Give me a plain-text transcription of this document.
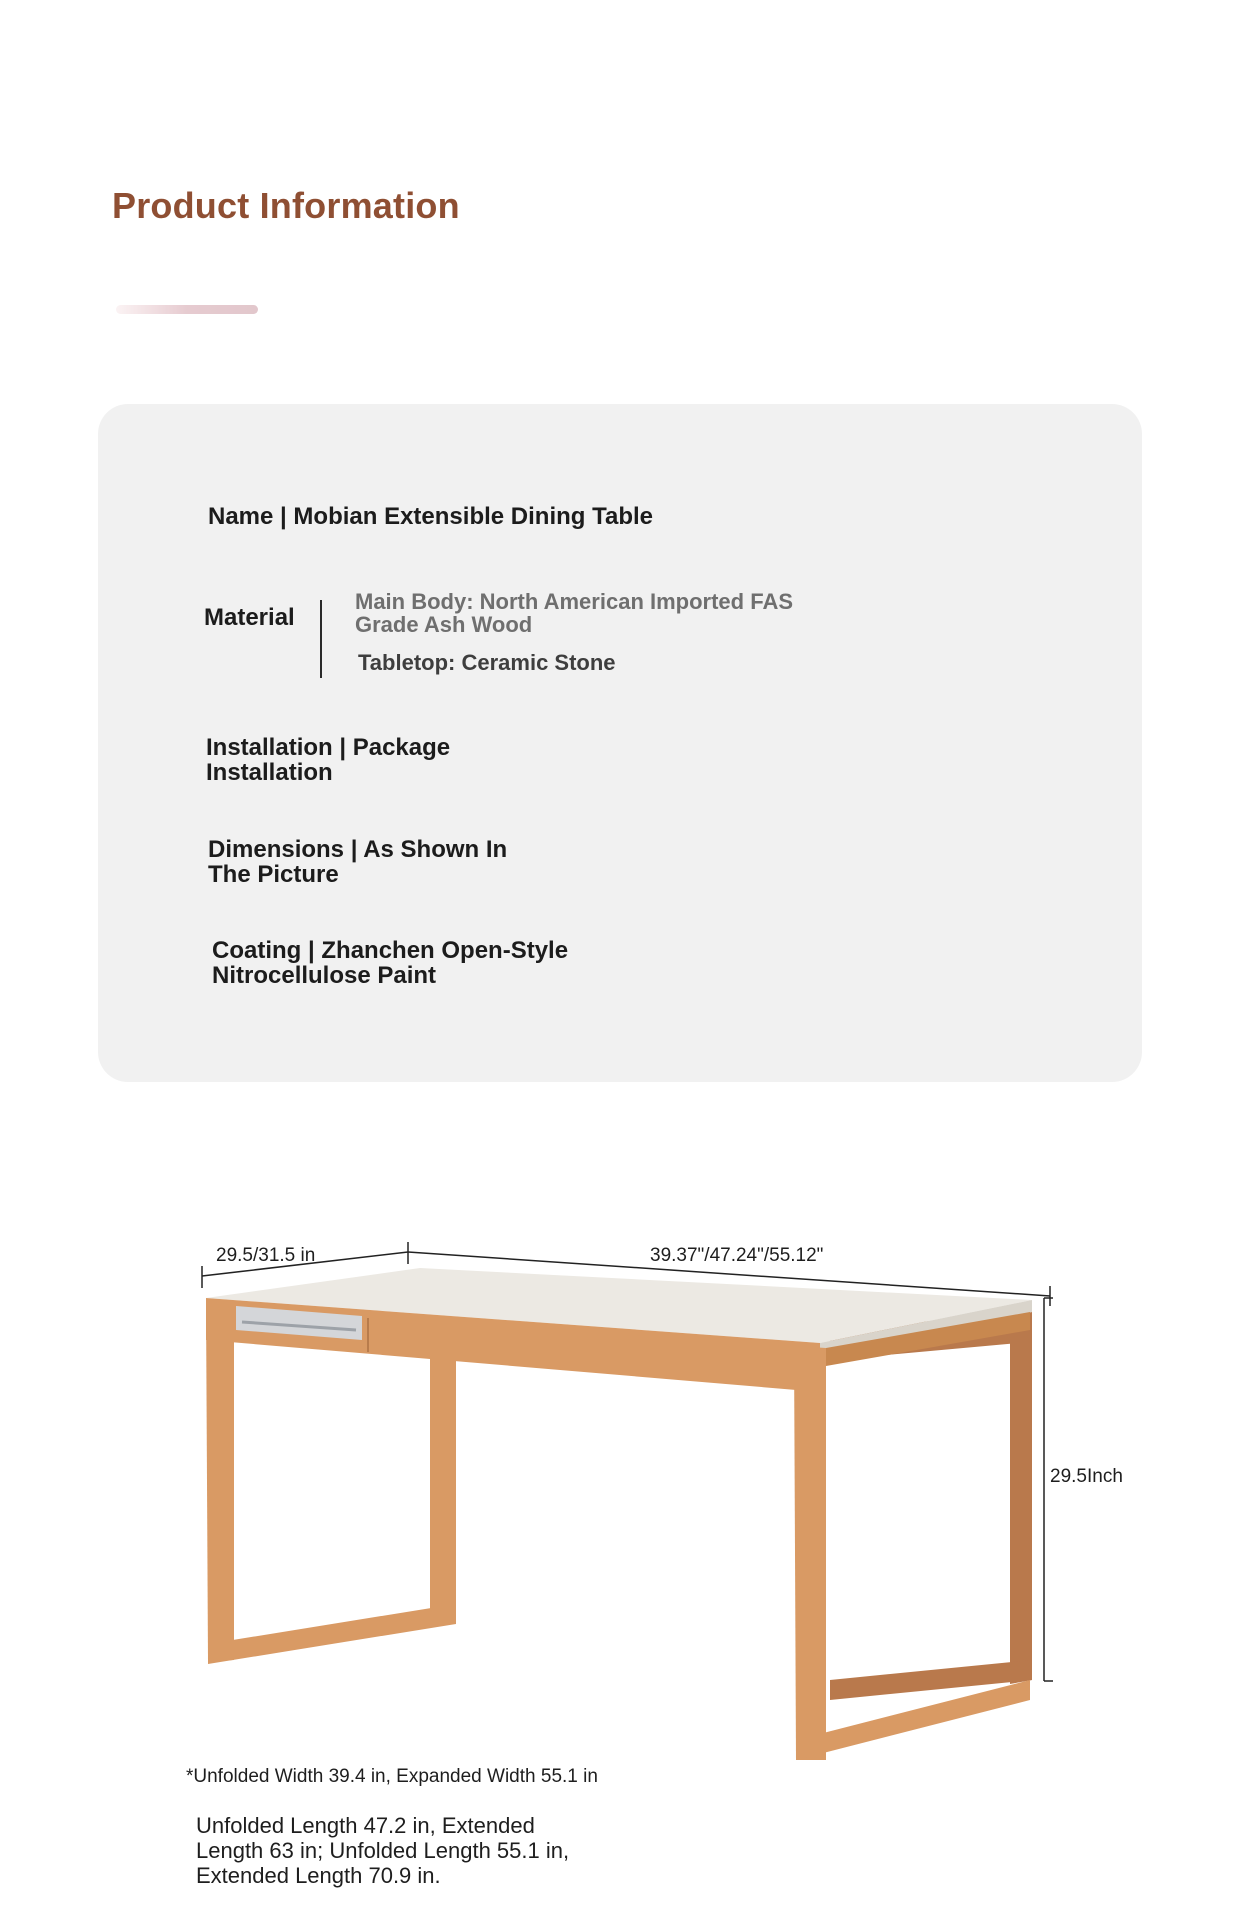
Product Information

Name | Mobian Extensible Dining Table

Material
Main Body: North American Imported FAS Grade Ash Wood
Tabletop: Ceramic Stone

Installation | Package Installation

Dimensions | As Shown In The Picture

Coating | Zhanchen Open-Style Nitrocellulose Paint

29.5/31.5 in	39.37"/47.24"/55.12"
29.5Inch
*Unfolded Width 39.4 in, Expanded Width 55.1 in
Unfolded Length 47.2 in, Extended Length 63 in; Unfolded Length 55.1 in, Extended Length 70.9 in.
